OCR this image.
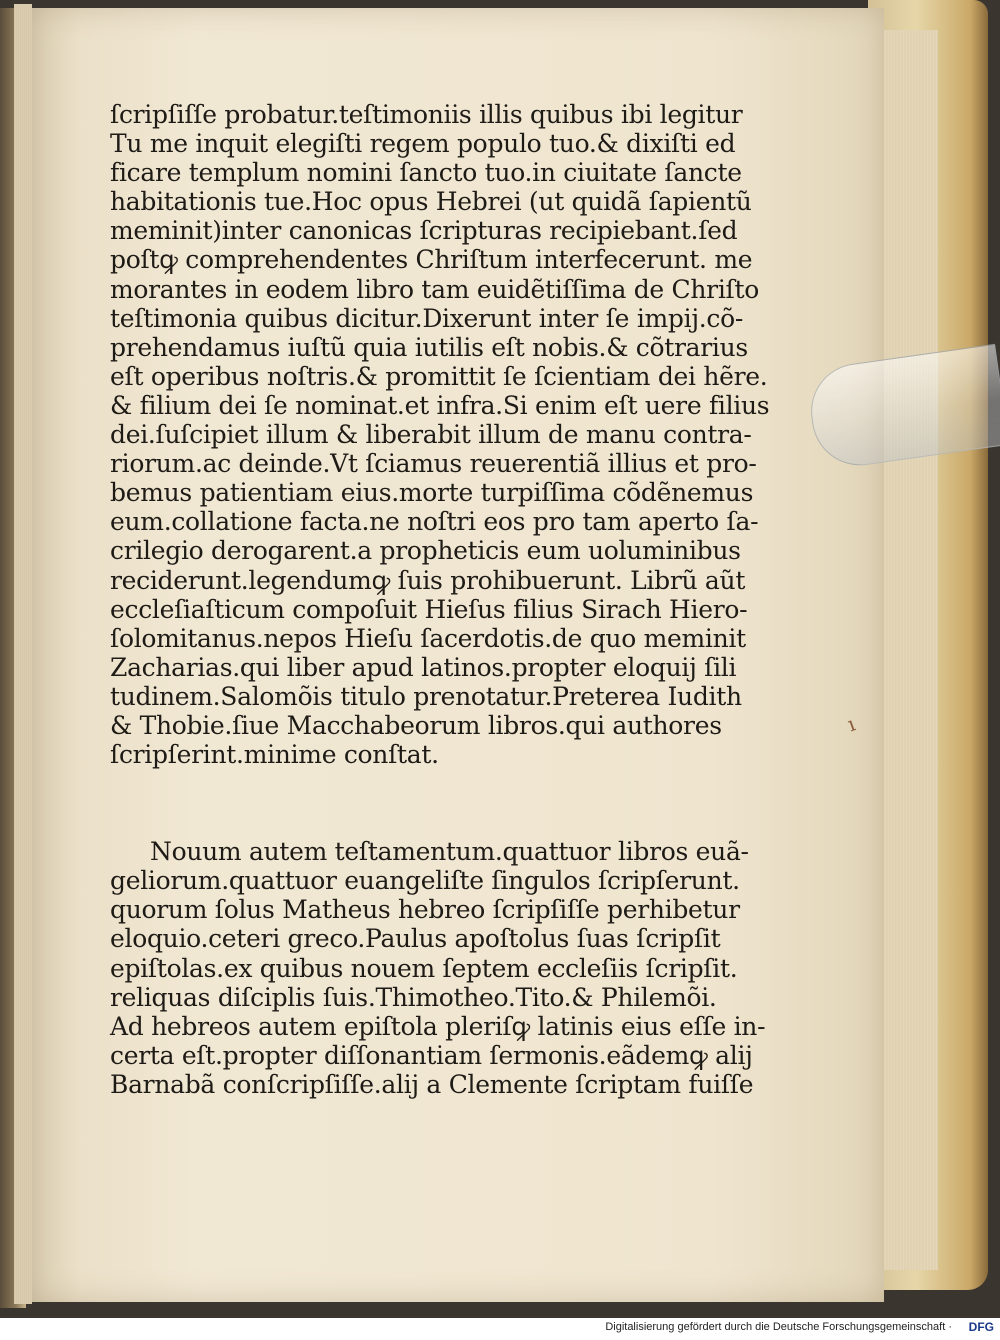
ſcripſiſſe probatur.teſtimoniis illis quibus ibi legitur
Tu me inquit elegiſti regem populo tuo.& dixiſti ed
ficare templum nomini ſancto tuo.in ciuitate ſancte
habitationis tue.Hoc opus Hebrei (ut quidã ſapientũ
meminit)inter canonicas ſcripturas recipiebant.ſed
poſtꝙ comprehendentes Chriſtum interfecerunt. me
morantes in eodem libro tam euidẽtiſſima de Chriſto
teſtimonia quibus dicitur.Dixerunt inter ſe impij.cõ-
prehendamus iuſtũ quia iutilis eſt nobis.& cõtrarius
eſt operibus noſtris.& promittit ſe ſcientiam dei hẽre.
& filium dei ſe nominat.et infra.Si enim eſt uere filius
dei.ſuſcipiet illum & liberabit illum de manu contra-
riorum.ac deinde.Vt ſciamus reuerentiã illius et pro-
bemus patientiam eius.morte turpiſſima cõdẽnemus
eum.collatione facta.ne noſtri eos pro tam aperto ſa-
crilegio derogarent.a propheticis eum uoluminibus
reciderunt.legendumꝙ ſuis prohibuerunt. Librũ aũt
eccleſiaſticum compoſuit Hieſus filius Sirach Hiero-
ſolomitanus.nepos Hieſu ſacerdotis.de quo meminit
Zacharias.qui liber apud latinos.propter eloquij ſili
tudinem.Salomõis titulo prenotatur.Preterea Iudith
& Thobie.ſiue Macchabeorum libros.qui authores
ſcripſerint.minime conſtat.
Nouum autem teſtamentum.quattuor libros euã-
geliorum.quattuor euangeliſte ſingulos ſcripſerunt.
quorum ſolus Matheus hebreo ſcripſiſſe perhibetur
eloquio.ceteri greco.Paulus apoſtolus ſuas ſcripſit
epiſtolas.ex quibus nouem ſeptem eccleſiis ſcripſit.
reliquas diſciplis ſuis.Thimotheo.Tito.& Philemõi.
Ad hebreos autem epiſtola pleriſꝙ latinis eius eſſe in-
certa eſt.propter diſſonantiam ſermonis.eãdemꝙ alij
Barnabã conſcripſiſſe.alij a Clemente ſcriptam fuiſſe
ı
Digitalisierung gefördert durch die Deutsche Forschungsgemeinschaft · DFG
